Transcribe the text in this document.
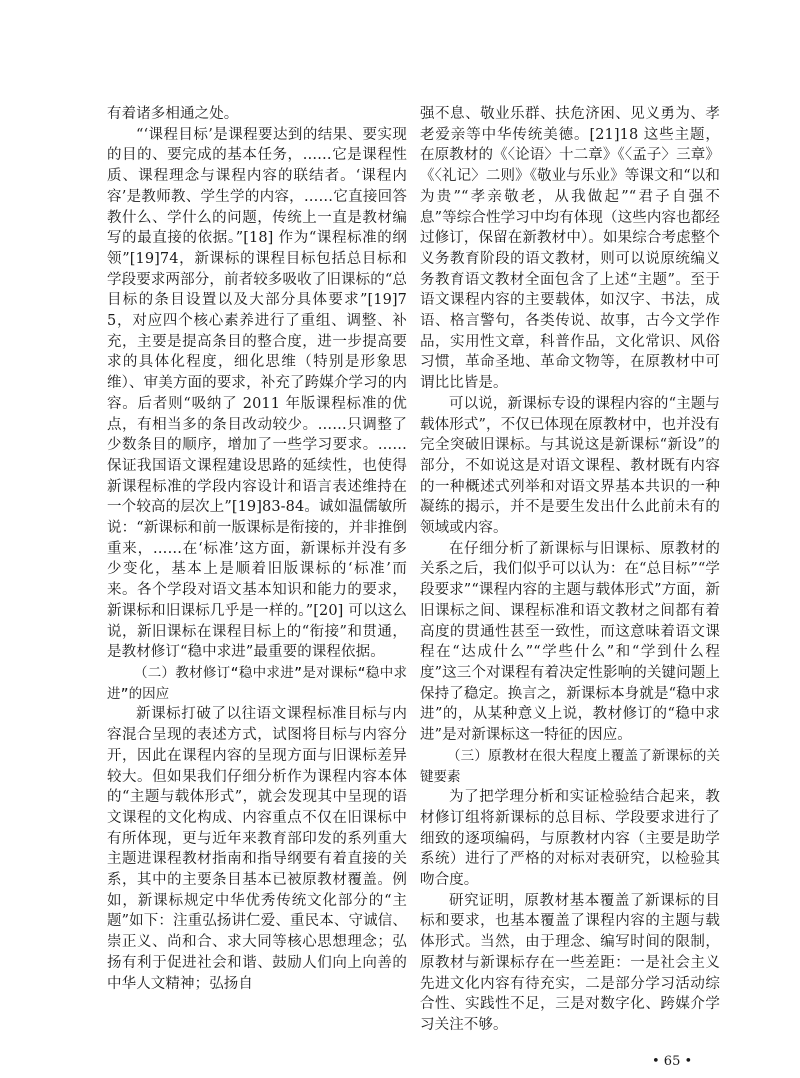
有着诸多相通之处。

“‘课程目标’是课程要达到的结果、要实现的目的、要完成的基本任务，……它是课程性质、课程理念与课程内容的联结者。‘课程内容’是教师教、学生学的内容，……它直接回答教什么、学什么的问题，传统上一直是教材编写的最直接的依据。”[18] 作为“课程标准的纲领”[19]74，新课标的课程目标包括总目标和学段要求两部分，前者较多吸收了旧课标的“总目标的条目设置以及大部分具体要求”[19]75，对应四个核心素养进行了重组、调整、补充，主要是提高条目的整合度，进一步提高要求的具体化程度，细化思维（特别是形象思维）、审美方面的要求，补充了跨媒介学习的内容。后者则“吸纳了 2011 年版课程标准的优点，有相当多的条目改动较少。……只调整了少数条目的顺序，增加了一些学习要求。……保证我国语文课程建设思路的延续性，也使得新课程标准的学段内容设计和语言表述维持在一个较高的层次上”[19]83-84。诚如温儒敏所说：“新课标和前一版课标是衔接的，并非推倒重来，……在‘标准’这方面，新课标并没有多少变化，基本上是顺着旧版课标的‘标准’而来。各个学段对语文基本知识和能力的要求，新课标和旧课标几乎是一样的。”[20] 可以这么说，新旧课标在课程目标上的“衔接”和贯通，是教材修订“稳中求进”最重要的课程依据。

（二）教材修订“稳中求进”是对课标“稳中求进”的因应

新课标打破了以往语文课程标准目标与内容混合呈现的表述方式，试图将目标与内容分开，因此在课程内容的呈现方面与旧课标差异较大。但如果我们仔细分析作为课程内容本体的“主题与载体形式”，就会发现其中呈现的语文课程的文化构成、内容重点不仅在旧课标中有所体现，更与近年来教育部印发的系列重大主题进课程教材指南和指导纲要有着直接的关系，其中的主要条目基本已被原教材覆盖。例如，新课标规定中华优秀传统文化部分的“主题”如下：注重弘扬讲仁爱、重民本、守诚信、崇正义、尚和合、求大同等核心思想理念；弘扬有利于促进社会和谐、鼓励人们向上向善的中华人文精神；弘扬自

强不息、敬业乐群、扶危济困、见义勇为、孝老爱亲等中华传统美德。[21]18 这些主题，在原教材的《〈论语〉十二章》《〈孟子〉三章》《〈礼记〉二则》《敬业与乐业》等课文和“以和为贵”“孝亲敬老，从我做起”“君子自强不息”等综合性学习中均有体现（这些内容也都经过修订，保留在新教材中）。如果综合考虑整个义务教育阶段的语文教材，则可以说原统编义务教育语文教材全面包含了上述“主题”。至于语文课程内容的主要载体，如汉字、书法，成语、格言警句，各类传说、故事，古今文学作品，实用性文章，科普作品，文化常识、风俗习惯，革命圣地、革命文物等，在原教材中可谓比比皆是。

可以说，新课标专设的课程内容的“主题与载体形式”，不仅已体现在原教材中，也并没有完全突破旧课标。与其说这是新课标“新设”的部分，不如说这是对语文课程、教材既有内容的一种概述式列举和对语文界基本共识的一种凝练的揭示，并不是要生发出什么此前未有的领域或内容。

在仔细分析了新课标与旧课标、原教材的关系之后，我们似乎可以认为：在“总目标”“学段要求”“课程内容的主题与载体形式”方面，新旧课标之间、课程标准和语文教材之间都有着高度的贯通性甚至一致性，而这意味着语文课程在“达成什么”“学些什么”和“学到什么程度”这三个对课程有着决定性影响的关键问题上保持了稳定。换言之，新课标本身就是“稳中求进”的，从某种意义上说，教材修订的“稳中求进”是对新课标这一特征的因应。

（三）原教材在很大程度上覆盖了新课标的关键要素

为了把学理分析和实证检验结合起来，教材修订组将新课标的总目标、学段要求进行了细致的逐项编码，与原教材内容（主要是助学系统）进行了严格的对标对表研究，以检验其吻合度。

研究证明，原教材基本覆盖了新课标的目标和要求，也基本覆盖了课程内容的主题与载体形式。当然，由于理念、编写时间的限制，原教材与新课标存在一些差距：一是社会主义先进文化内容有待充实，二是部分学习活动综合性、实践性不足，三是对数字化、跨媒介学习关注不够。

• 65 •
